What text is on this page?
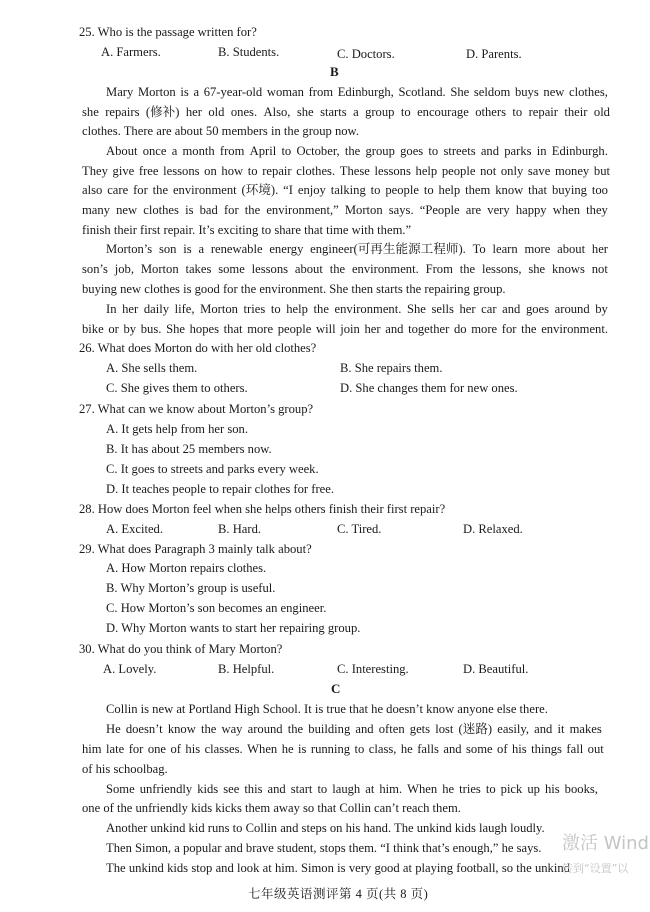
25. Who is the passage written for?
A. Farmers.	B. Students.	C. Doctors.	D. Parents.
B
Mary Morton is a 67-year-old woman from Edinburgh, Scotland. She seldom buys new clothes,
she repairs (修补) her old ones. Also, she starts a group to encourage others to repair their old
clothes. There are about 50 members in the group now.
About once a month from April to October, the group goes to streets and parks in Edinburgh.
They give free lessons on how to repair clothes. These lessons help people not only save money but
also care for the environment (环境). “I enjoy talking to people to help them know that buying too
many new clothes is bad for the environment,” Morton says. “People are very happy when they
finish their first repair. It’s exciting to share that time with them.”
Morton’s son is a renewable energy engineer(可再生能源工程师). To learn more about her
son’s job, Morton takes some lessons about the environment. From the lessons, she knows not
buying new clothes is good for the environment. She then starts the repairing group.
In her daily life, Morton tries to help the environment. She sells her car and goes around by
bike or by bus. She hopes that more people will join her and together do more for the environment.
26. What does Morton do with her old clothes?
A. She sells them.	B. She repairs them.
C. She gives them to others.	D. She changes them for new ones.
27. What can we know about Morton’s group?
A. It gets help from her son.
B. It has about 25 members now.
C. It goes to streets and parks every week.
D. It teaches people to repair clothes for free.
28. How does Morton feel when she helps others finish their first repair?
A. Excited.	B. Hard.	C. Tired.	D. Relaxed.
29. What does Paragraph 3 mainly talk about?
A. How Morton repairs clothes.
B. Why Morton’s group is useful.
C. How Morton’s son becomes an engineer.
D. Why Morton wants to start her repairing group.
30. What do you think of Mary Morton?
A. Lovely.	B. Helpful.	C. Interesting.	D. Beautiful.
C
Collin is new at Portland High School. It is true that he doesn’t know anyone else there.
He doesn’t know the way around the building and often gets lost (迷路) easily, and it makes
him late for one of his classes. When he is running to class, he falls and some of his things fall out
of his schoolbag.
Some unfriendly kids see this and start to laugh at him. When he tries to pick up his books,
one of the unfriendly kids kicks them away so that Collin can’t reach them.
Another unkind kid runs to Collin and steps on his hand. The unkind kids laugh loudly.
Then Simon, a popular and brave student, stops them. “I think that’s enough,” he says.
The unkind kids stop and look at him. Simon is very good at playing football, so the unkind
七年级英语测评第 4 页(共 8 页)
激活 Wind
转到“设置”以
